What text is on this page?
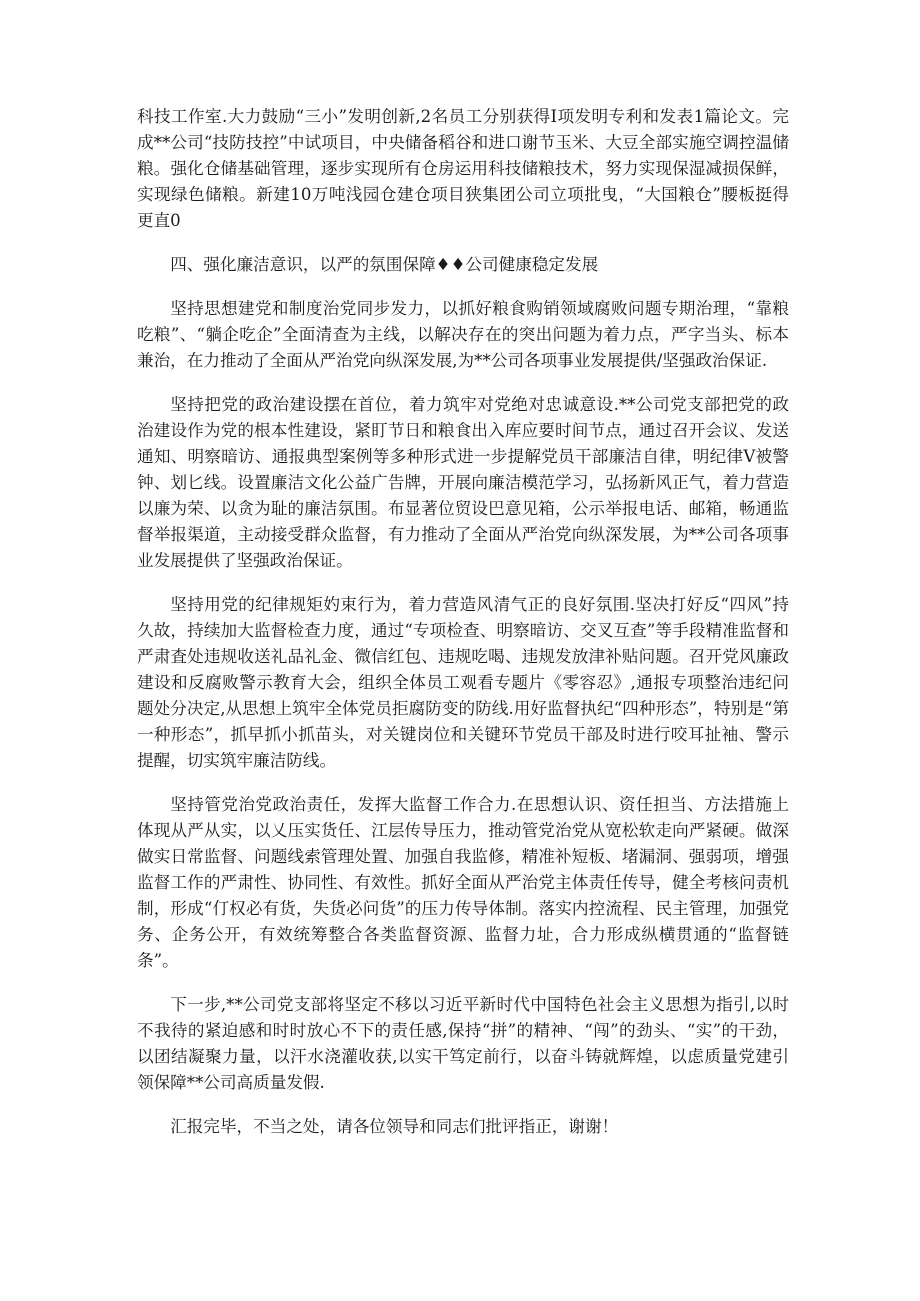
科技工作室.大力鼓励“三小”发明创新,2名员工分别获得I项发明专利和发表1篇论文。完成**公司“技防技控”中试项目，中央储备稻谷和进口谢节玉米、大豆全部实施空调控温储粮。强化仓储基础管理，逐步实现所有仓房运用科技储粮技术，努力实现保湿减损保鲜，实现绿色储粮。新建10万吨浅园仓建仓项目狭集团公司立项批曳，“大国粮仓”腰板挺得更直0

四、强化廉洁意识，以严的氛围保障♦♦公司健康稳定发展

坚持思想建党和制度治党同步发力，以抓好粮食购销领域腐败问题专期治理，“靠粮吃粮”、“躺企吃企”全面清查为主线，以解决存在的突出问题为着力点，严字当头、标本兼治，在力推动了全面从严治党向纵深发展,为**公司各项事业发展提供/坚强政治保证.

坚持把党的政治建设摆在首位，着力筑牢对党绝对忠诚意设.**公司党支部把党的政治建设作为党的根本性建设，紧盯节日和粮食出入库应要时间节点，通过召开会议、发送通知、明察暗访、通报典型案例等多种形式进一步提解党员干部廉洁自律，明纪律V被警钟、划匕线。设置廉洁文化公益广告牌，开展向廉洁模范学习，弘扬新风正气，着力营造以廉为荣、以贪为耻的廉洁氛围。布显著位贸设巴意见箱，公示举报电话、邮箱，畅通监督举报渠道，主动接受群众监督，有力推动了全面从严治党向纵深发展，为**公司各项事业发展提供了坚强政治保证。

坚持用党的纪律规矩妁束行为，着力营造风清气正的良好氛围.坚决打好反“四风”持久故，持续加大监督检查力度，通过“专项检查、明察暗访、交叉互查”等手段精准监督和严肃査处违规收送礼品礼金、微信红包、违规吃喝、违规发放津补贴问题。召开党风廉政建设和反腐败警示教育大会，组织全体员工观看专题片《零容忍》,通报专项整治违纪问题处分决定,从思想上筑牢全体党员拒腐防变的防线.用好监督执纪“四种形态”，特别是“第一种形态”，抓早抓小抓苗头，对关键岗位和关键环节党员干部及时进行咬耳扯袖、警示提醒，切实筑牢廉洁防线。

坚持管党治党政治责任，发挥大监督工作合力.在思想认识、资任担当、方法措施上体现从严从实，以乂压实货任、江层传导压力，推动管党治党从宽松软走向严紧硬。做深做实日常监督、问题线索管理处置、加强自我监修，精准补短板、堵漏洞、强弱项，增强监督工作的严肃性、协同性、有效性。抓好全面从严治党主体责任传导，健全考核问责机制，形成“仃权必有货，失货必问货”的压力传导体制。落实内控流程、民主管理，加强党务、企务公开，有效统筹整合各类监督资源、监督力址，合力形成纵横贯通的“监督链条”。

下一步,**公司党支部将坚定不移以习近平新时代中国特色社会主义思想为指引,以时不我待的紧迫感和时时放心不下的责任感,保持“拼”的精神、“闯”的劲头、“实”的干劲，以团结凝聚力量，以汗水浇灌收获,以实干笃定前行，以奋斗铸就辉煌，以虑质量党建引领保障**公司高质量发假.

汇报完毕，不当之处，请各位领导和同志们批评指正，谢谢！
